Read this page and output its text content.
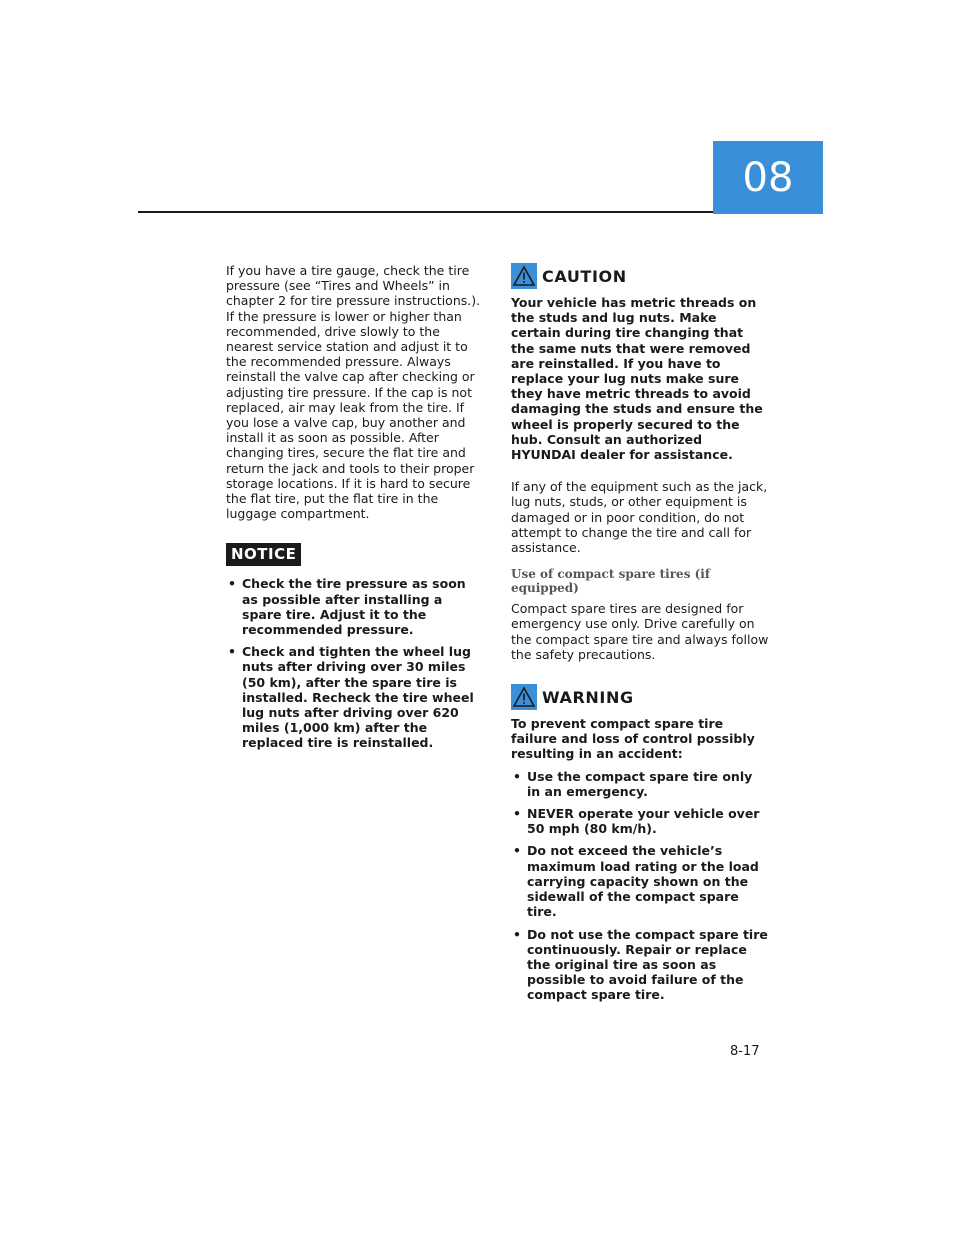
08

If you have a tire gauge, check the tire pressure (see “Tires and Wheels” in chapter 2 for tire pressure instructions.). If the pressure is lower or higher than recommended, drive slowly to the nearest service station and adjust it to the recommended pressure. Always reinstall the valve cap after checking or adjusting tire pressure. If the cap is not replaced, air may leak from the tire. If you lose a valve cap, buy another and install it as soon as possible. After changing tires, secure the flat tire and return the jack and tools to their proper storage locations. If it is hard to secure the flat tire, put the flat tire in the luggage compartment.

NOTICE
• Check the tire pressure as soon as possible after installing a spare tire. Adjust it to the recommended pressure.
• Check and tighten the wheel lug nuts after driving over 30 miles (50 km), after the spare tire is installed. Recheck the tire wheel lug nuts after driving over 620 miles (1,000 km) after the replaced tire is reinstalled.
CAUTION

Your vehicle has metric threads on the studs and lug nuts. Make certain during tire changing that the same nuts that were removed are reinstalled. If you have to replace your lug nuts make sure they have metric threads to avoid damaging the studs and ensure the wheel is properly secured to the hub. Consult an authorized HYUNDAI dealer for assistance.

If any of the equipment such as the jack, lug nuts, studs, or other equipment is damaged or in poor condition, do not attempt to change the tire and call for assistance.

Use of compact spare tires (if equipped)

Compact spare tires are designed for emergency use only. Drive carefully on the compact spare tire and always follow the safety precautions.

WARNING

To prevent compact spare tire failure and loss of control possibly resulting in an accident:

• Use the compact spare tire only in an emergency.
• NEVER operate your vehicle over 50 mph (80 km/h).
• Do not exceed the vehicle’s maximum load rating or the load carrying capacity shown on the sidewall of the compact spare tire.
• Do not use the compact spare tire continuously. Repair or replace the original tire as soon as possible to avoid failure of the compact spare tire.
8-17
